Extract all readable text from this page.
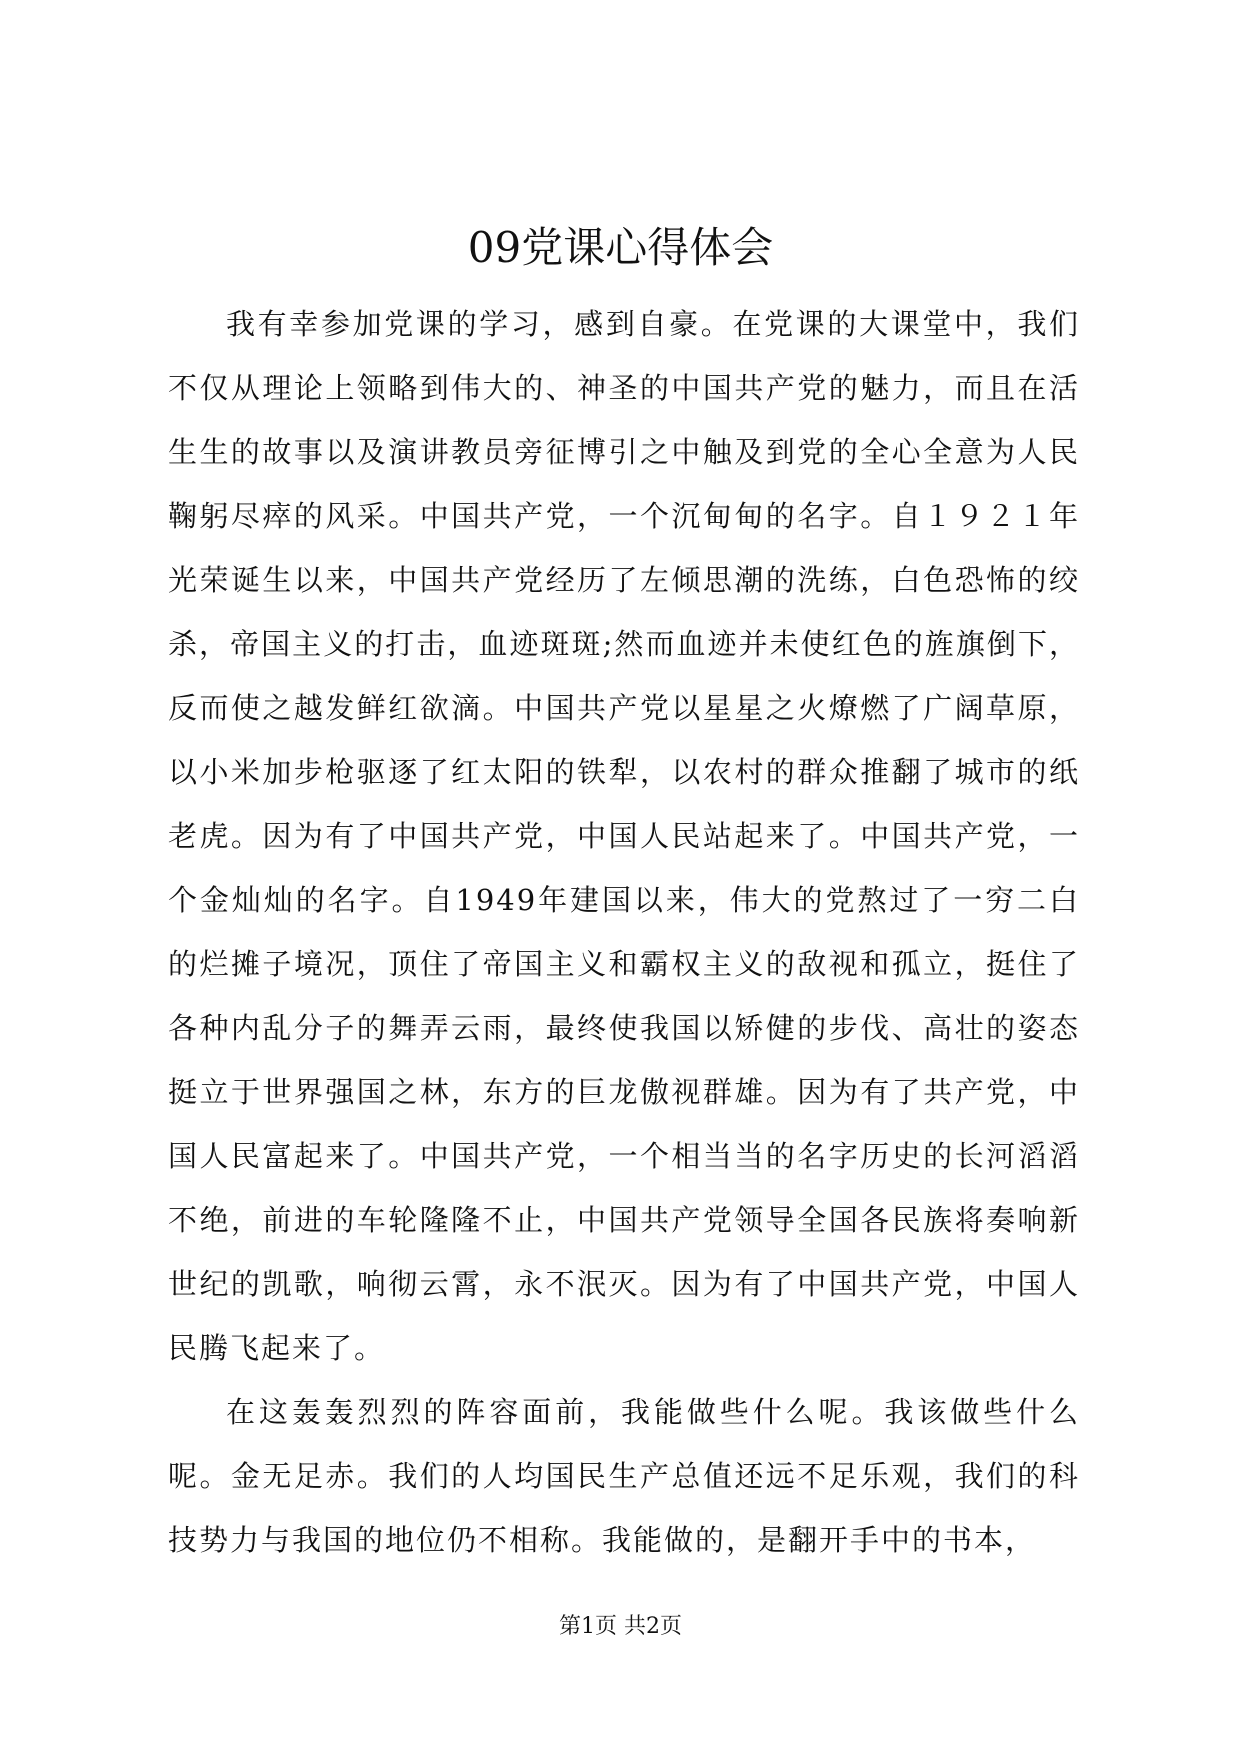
09党课心得体会

我有幸参加党课的学习，感到自豪。在党课的大课堂中，我们不仅从理论上领略到伟大的、神圣的中国共产党的魅力，而且在活生生的故事以及演讲教员旁征博引之中触及到党的全心全意为人民鞠躬尽瘁的风采。中国共产党，一个沉甸甸的名字。自１９２１年光荣诞生以来，中国共产党经历了左倾思潮的洗练，白色恐怖的绞杀，帝国主义的打击，血迹斑斑;然而血迹并未使红色的旌旗倒下，反而使之越发鲜红欲滴。中国共产党以星星之火燎燃了广阔草原，以小米加步枪驱逐了红太阳的铁犁，以农村的群众推翻了城市的纸老虎。因为有了中国共产党，中国人民站起来了。中国共产党，一个金灿灿的名字。自1949年建国以来，伟大的党熬过了一穷二白的烂摊子境况，顶住了帝国主义和霸权主义的敌视和孤立，挺住了各种内乱分子的舞弄云雨，最终使我国以矫健的步伐、高壮的姿态挺立于世界强国之林，东方的巨龙傲视群雄。因为有了共产党，中国人民富起来了。中国共产党，一个相当当的名字历史的长河滔滔不绝，前进的车轮隆隆不止，中国共产党领导全国各民族将奏响新世纪的凯歌，响彻云霄，永不泯灭。因为有了中国共产党，中国人民腾飞起来了。

在这轰轰烈烈的阵容面前，我能做些什么呢。我该做些什么呢。金无足赤。我们的人均国民生产总值还远不足乐观，我们的科技势力与我国的地位仍不相称。我能做的，是翻开手中的书本，

第1页 共2页
